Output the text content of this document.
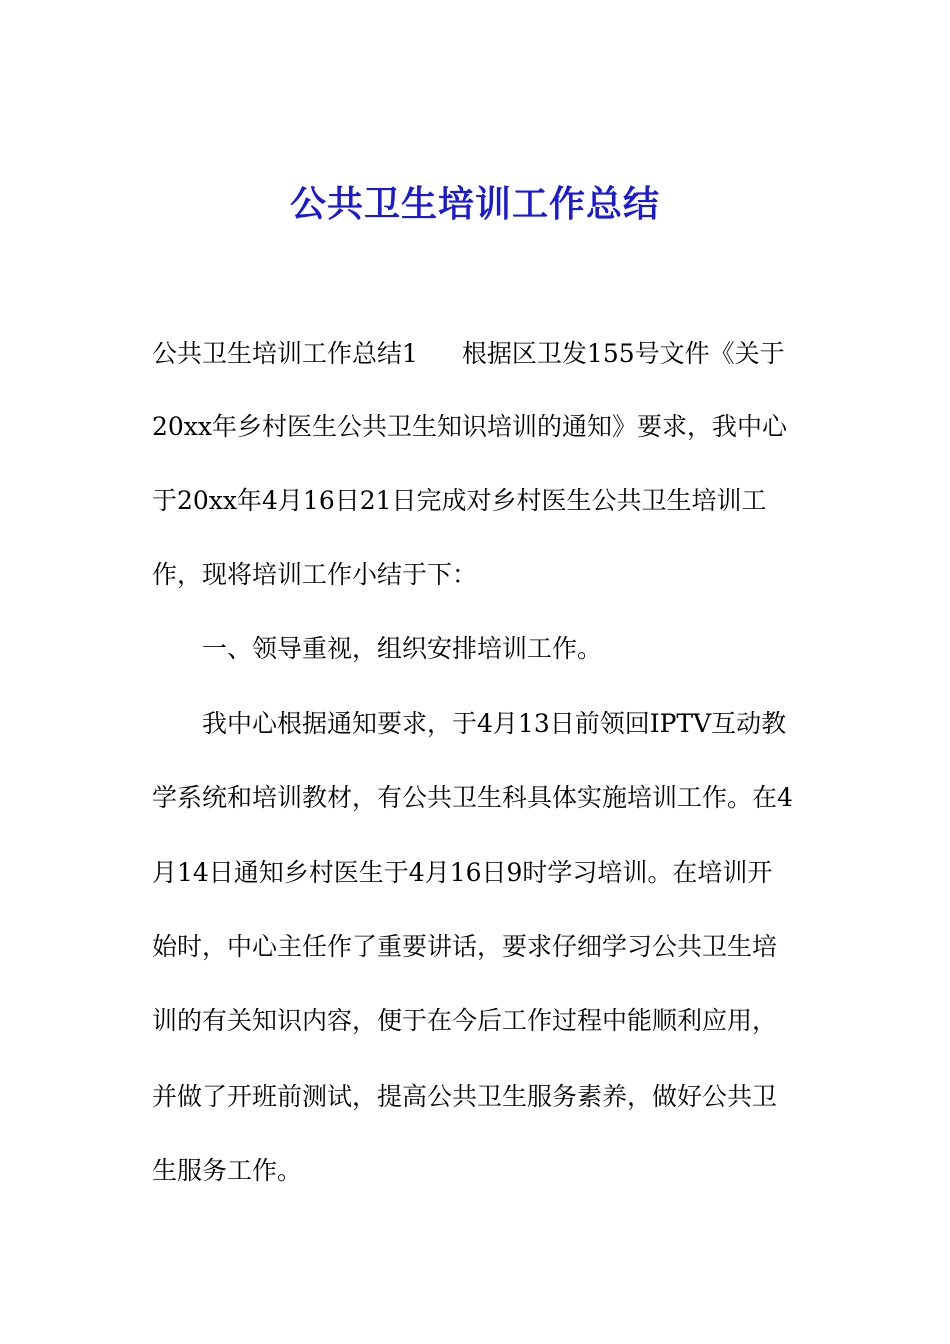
公共卫生培训工作总结
公共卫生培训工作总结1 根据区卫发155号文件《关于
20xx年乡村医生公共卫生知识培训的通知》要求，我中心
于20xx年4月16日21日完成对乡村医生公共卫生培训工
作，现将培训工作小结于下：
一、领导重视，组织安排培训工作。
我中心根据通知要求，于4月13日前领回IPTV互动教
学系统和培训教材，有公共卫生科具体实施培训工作。在4
月14日通知乡村医生于4月16日9时学习培训。在培训开
始时，中心主任作了重要讲话，要求仔细学习公共卫生培
训的有关知识内容，便于在今后工作过程中能顺利应用，
并做了开班前测试，提高公共卫生服务素养，做好公共卫
生服务工作。
